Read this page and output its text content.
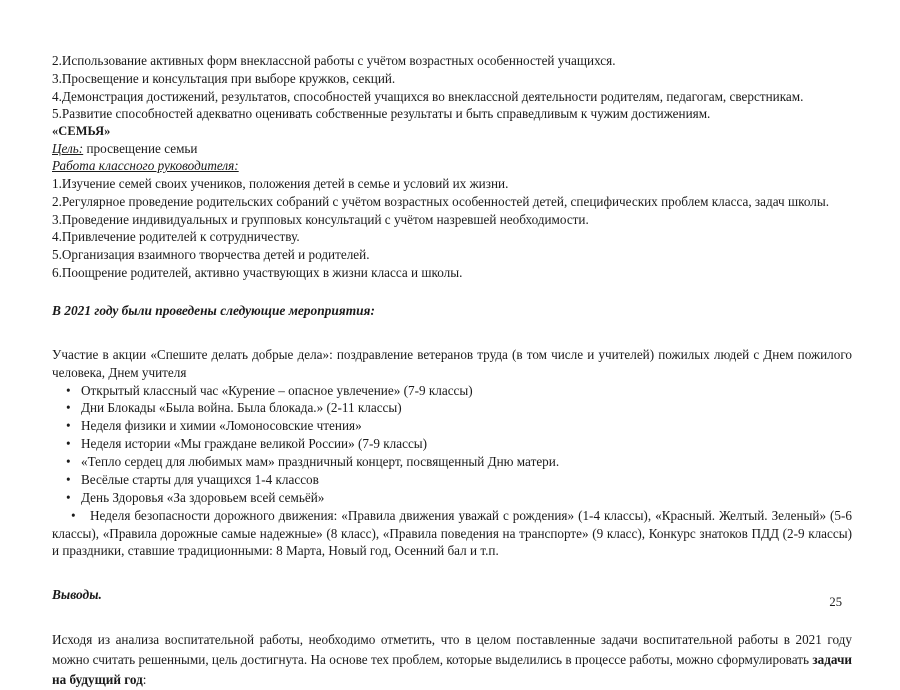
2.Использование активных форм внеклассной работы с учётом возрастных особенностей учащихся.

3.Просвещение и консультация при выборе кружков, секций.

4.Демонстрация достижений, результатов, способностей учащихся во внеклассной деятельности родителям, педагогам, сверстникам.

5.Развитие способностей адекватно оценивать собственные результаты и быть справедливым к чужим достижениям.

«СЕМЬЯ»

Цель: просвещение семьи

Работа классного руководителя:

1.Изучение семей своих учеников, положения детей в семье и условий их жизни.

2.Регулярное проведение родительских собраний с учётом возрастных особенностей детей, специфических проблем класса, задач школы.

3.Проведение индивидуальных и групповых консультаций с учётом назревшей необходимости.

4.Привлечение родителей к сотрудничеству.

5.Организация взаимного творчества детей и родителей.

6.Поощрение родителей, активно участвующих в жизни класса и школы.

В 2021 году были проведены следующие мероприятия:

Участие в акции «Спешите делать добрые дела»: поздравление ветеранов труда (в том числе и учителей) пожилых людей с Днем пожилого человека, Днем учителя

• Открытый классный час «Курение – опасное увлечение» (7-9 классы)
• Дни Блокады «Была война. Была блокада.» (2-11 классы)
• Неделя физики и химии «Ломоносовские чтения»
• Неделя истории «Мы граждане великой России» (7-9 классы)
• «Тепло сердец для любимых мам» праздничный концерт, посвященный Дню матери.
• Весёлые старты для учащихся 1-4 классов
• День Здоровья «За здоровьем всей семьёй»

• Неделя безопасности дорожного движения: «Правила движения уважай с рождения» (1-4 классы), «Красный. Желтый. Зеленый» (5-6 классы), «Правила дорожные самые надежные» (8 класс), «Правила поведения на транспорте» (9 класс), Конкурс знатоков ПДД (2-9 классы) и праздники, ставшие традиционными: 8 Марта, Новый год, Осенний бал и т.п.

Выводы.

Исходя из анализа воспитательной работы, необходимо отметить, что в целом поставленные задачи воспитательной работы в 2021 году можно считать решенными, цель достигнута. На основе тех проблем, которые выделились в процессе работы, можно сформулировать задачи на будущий год:

25
